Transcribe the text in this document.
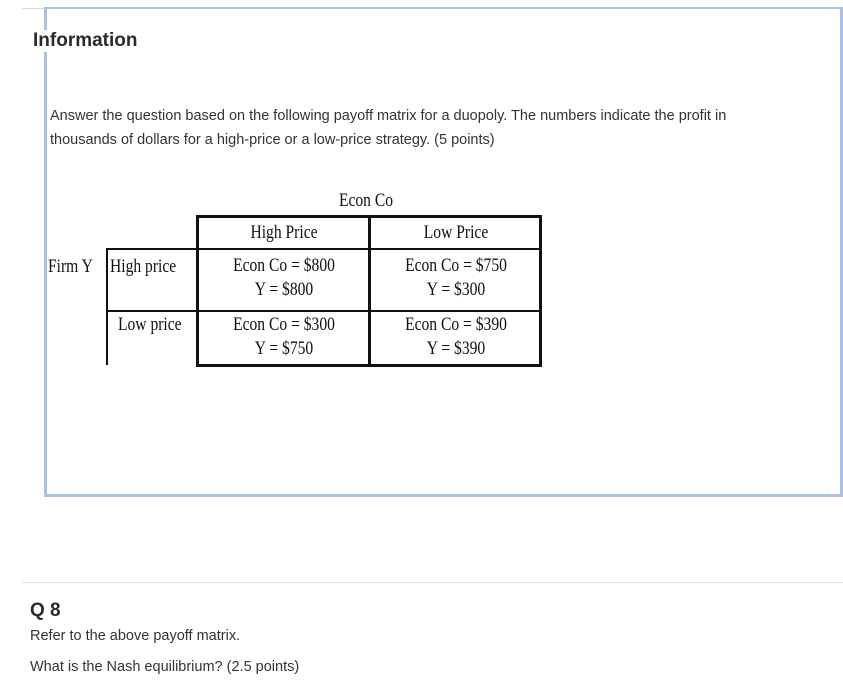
Information
Answer the question based on the following payoff matrix for a duopoly. The numbers indicate the profit in
thousands of dollars for a high-price or a low-price strategy. (5 points)
Econ Co
High Price	Low Price
Firm Y High price
Low price
Econ Co = $800
Y = $800
Econ Co = $750
Y = $300
Econ Co = $300
Y = $750
Econ Co = $390
Y = $390
Q 8
Refer to the above payoff matrix.
What is the Nash equilibrium? (2.5 points)
